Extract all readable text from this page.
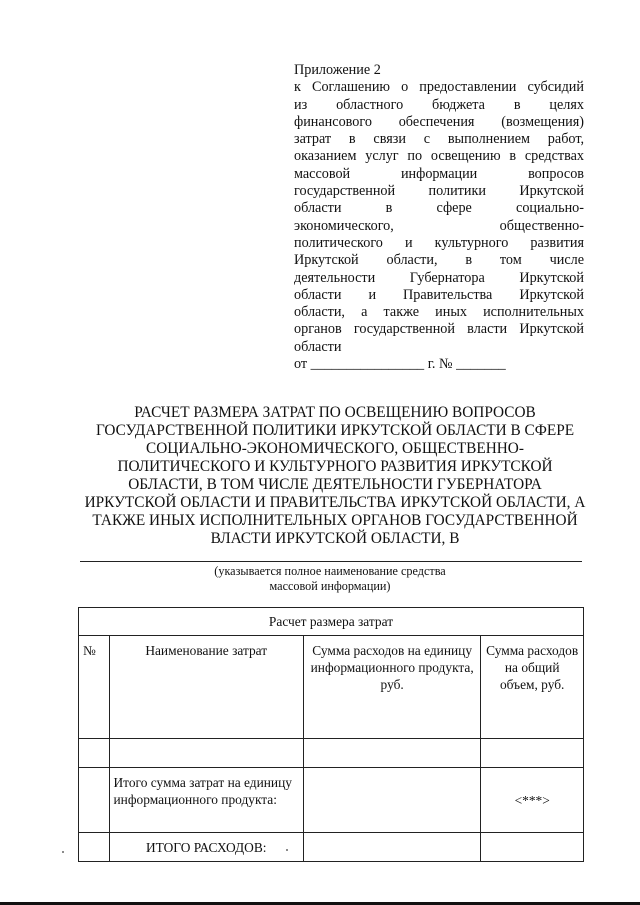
Приложение 2
к Соглашению о предоставлении субсидий
из областного бюджета в целях
финансового обеспечения (возмещения)
затрат в связи с выполнением работ,
оказанием услуг по освещению в средствах
массовой информации вопросов
государственной политики Иркутской
области в сфере социально-
экономического, общественно-
политического и культурного развития
Иркутской области, в том числе
деятельности Губернатора Иркутской
области и Правительства Иркутской
области, а также иных исполнительных
органов государственной власти Иркутской
области
от ________________ г. № _______
РАСЧЕТ РАЗМЕРА ЗАТРАТ ПО ОСВЕЩЕНИЮ ВОПРОСОВ
ГОСУДАРСТВЕННОЙ ПОЛИТИКИ ИРКУТСКОЙ ОБЛАСТИ В СФЕРЕ
СОЦИАЛЬНО-ЭКОНОМИЧЕСКОГО, ОБЩЕСТВЕННО-
ПОЛИТИЧЕСКОГО И КУЛЬТУРНОГО РАЗВИТИЯ ИРКУТСКОЙ
ОБЛАСТИ, В ТОМ ЧИСЛЕ ДЕЯТЕЛЬНОСТИ ГУБЕРНАТОРА
ИРКУТСКОЙ ОБЛАСТИ И ПРАВИТЕЛЬСТВА ИРКУТСКОЙ ОБЛАСТИ, А
ТАКЖЕ ИНЫХ ИСПОЛНИТЕЛЬНЫХ ОРГАНОВ ГОСУДАРСТВЕННОЙ
ВЛАСТИ ИРКУТСКОЙ ОБЛАСТИ, В
(указывается полное наименование средства
массовой информации)
Расчет размера затрат			
№	Наименование затрат	Сумма расходов на единицу информационного продукта, руб.	Сумма расходов на общий объем, руб.

	Итого сумма затрат на единицу информационного продукта:		<***>
	ИТОГО РАСХОДОВ:		
